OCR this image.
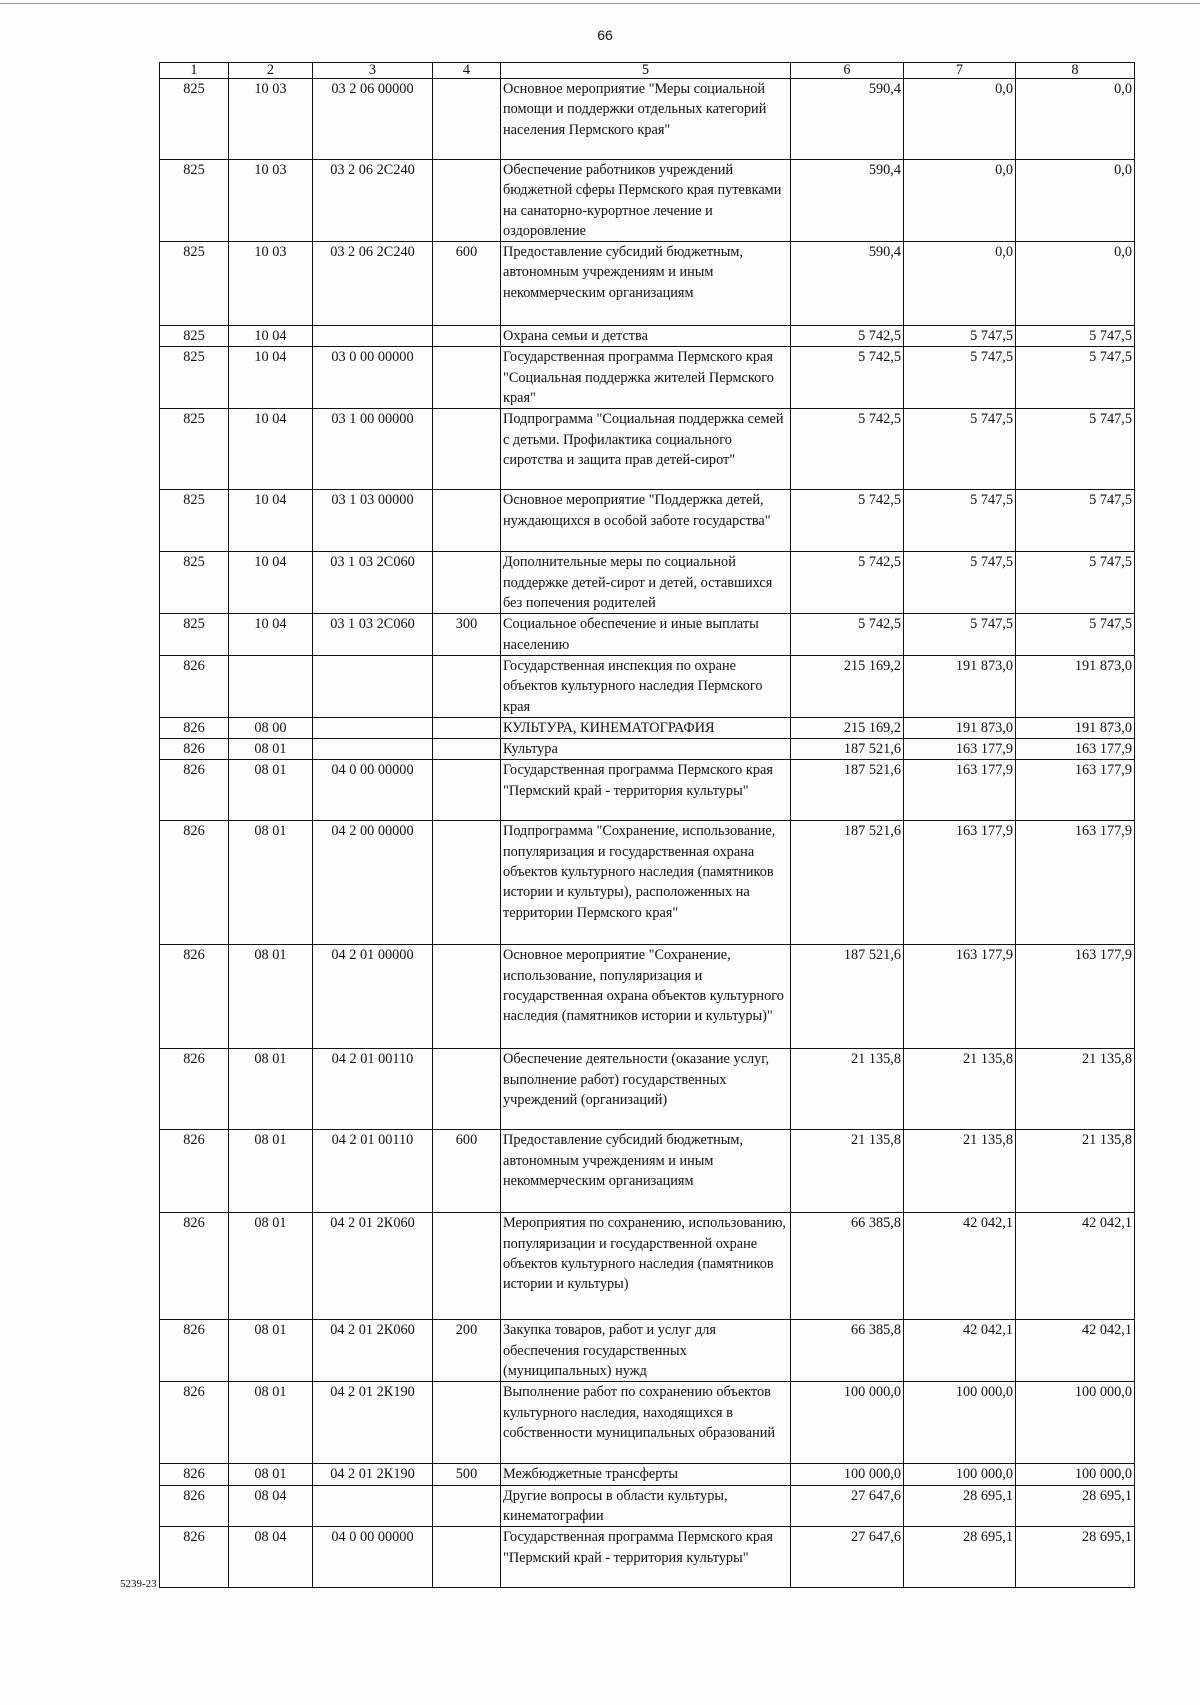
66
1	2	3	4	5	6	7	8
825	10 03	03 2 06 00000		Основное мероприятие "Меры социальной помощи и поддержки отдельных категорий населения Пермского края"	590,4	0,0	0,0
825	10 03	03 2 06 2С240		Обеспечение работников учреждений бюджетной сферы Пермского края путевками на санаторно-курортное лечение и оздоровление	590,4	0,0	0,0
825	10 03	03 2 06 2С240	600	Предоставление субсидий бюджетным, автономным учреждениям и иным некоммерческим организациям	590,4	0,0	0,0
825	10 04			Охрана семьи и детства	5 742,5	5 747,5	5 747,5
825	10 04	03 0 00 00000		Государственная программа Пермского края "Социальная поддержка жителей Пермского края"	5 742,5	5 747,5	5 747,5
825	10 04	03 1 00 00000		Подпрограмма "Социальная поддержка семей с детьми. Профилактика социального сиротства и защита прав детей-сирот"	5 742,5	5 747,5	5 747,5
825	10 04	03 1 03 00000		Основное мероприятие "Поддержка детей, нуждающихся в особой заботе государства"	5 742,5	5 747,5	5 747,5
825	10 04	03 1 03 2С060		Дополнительные меры по социальной поддержке детей-сирот и детей, оставшихся без попечения родителей	5 742,5	5 747,5	5 747,5
825	10 04	03 1 03 2С060	300	Социальное обеспечение и иные выплаты населению	5 742,5	5 747,5	5 747,5
826				Государственная инспекция по охране объектов культурного наследия Пермского края	215 169,2	191 873,0	191 873,0
826	08 00			КУЛЬТУРА, КИНЕМАТОГРАФИЯ	215 169,2	191 873,0	191 873,0
826	08 01			Культура	187 521,6	163 177,9	163 177,9
826	08 01	04 0 00 00000		Государственная программа Пермского края "Пермский край - территория культуры"	187 521,6	163 177,9	163 177,9
826	08 01	04 2 00 00000		Подпрограмма "Сохранение, использование, популяризация и государственная охрана объектов культурного наследия (памятников истории и культуры), расположенных на территории Пермского края"	187 521,6	163 177,9	163 177,9
826	08 01	04 2 01 00000		Основное мероприятие "Сохранение, использование, популяризация и государственная охрана объектов культурного наследия (памятников истории и культуры)"	187 521,6	163 177,9	163 177,9
826	08 01	04 2 01 00110		Обеспечение деятельности (оказание услуг, выполнение работ) государственных учреждений (организаций)	21 135,8	21 135,8	21 135,8
826	08 01	04 2 01 00110	600	Предоставление субсидий бюджетным, автономным учреждениям и иным некоммерческим организациям	21 135,8	21 135,8	21 135,8
826	08 01	04 2 01 2К060		Мероприятия по сохранению, использованию, популяризации и государственной охране объектов культурного наследия (памятников истории и культуры)	66 385,8	42 042,1	42 042,1
826	08 01	04 2 01 2К060	200	Закупка товаров, работ и услуг для обеспечения государственных (муниципальных) нужд	66 385,8	42 042,1	42 042,1
826	08 01	04 2 01 2К190		Выполнение работ по сохранению объектов культурного наследия, находящихся в собственности муниципальных образований	100 000,0	100 000,0	100 000,0
826	08 01	04 2 01 2К190	500	Межбюджетные трансферты	100 000,0	100 000,0	100 000,0
826	08 04			Другие вопросы в области культуры, кинематографии	27 647,6	28 695,1	28 695,1
826	08 04	04 0 00 00000		Государственная программа Пермского края "Пермский край - территория культуры"	27 647,6	28 695,1	28 695,1
5239-23
